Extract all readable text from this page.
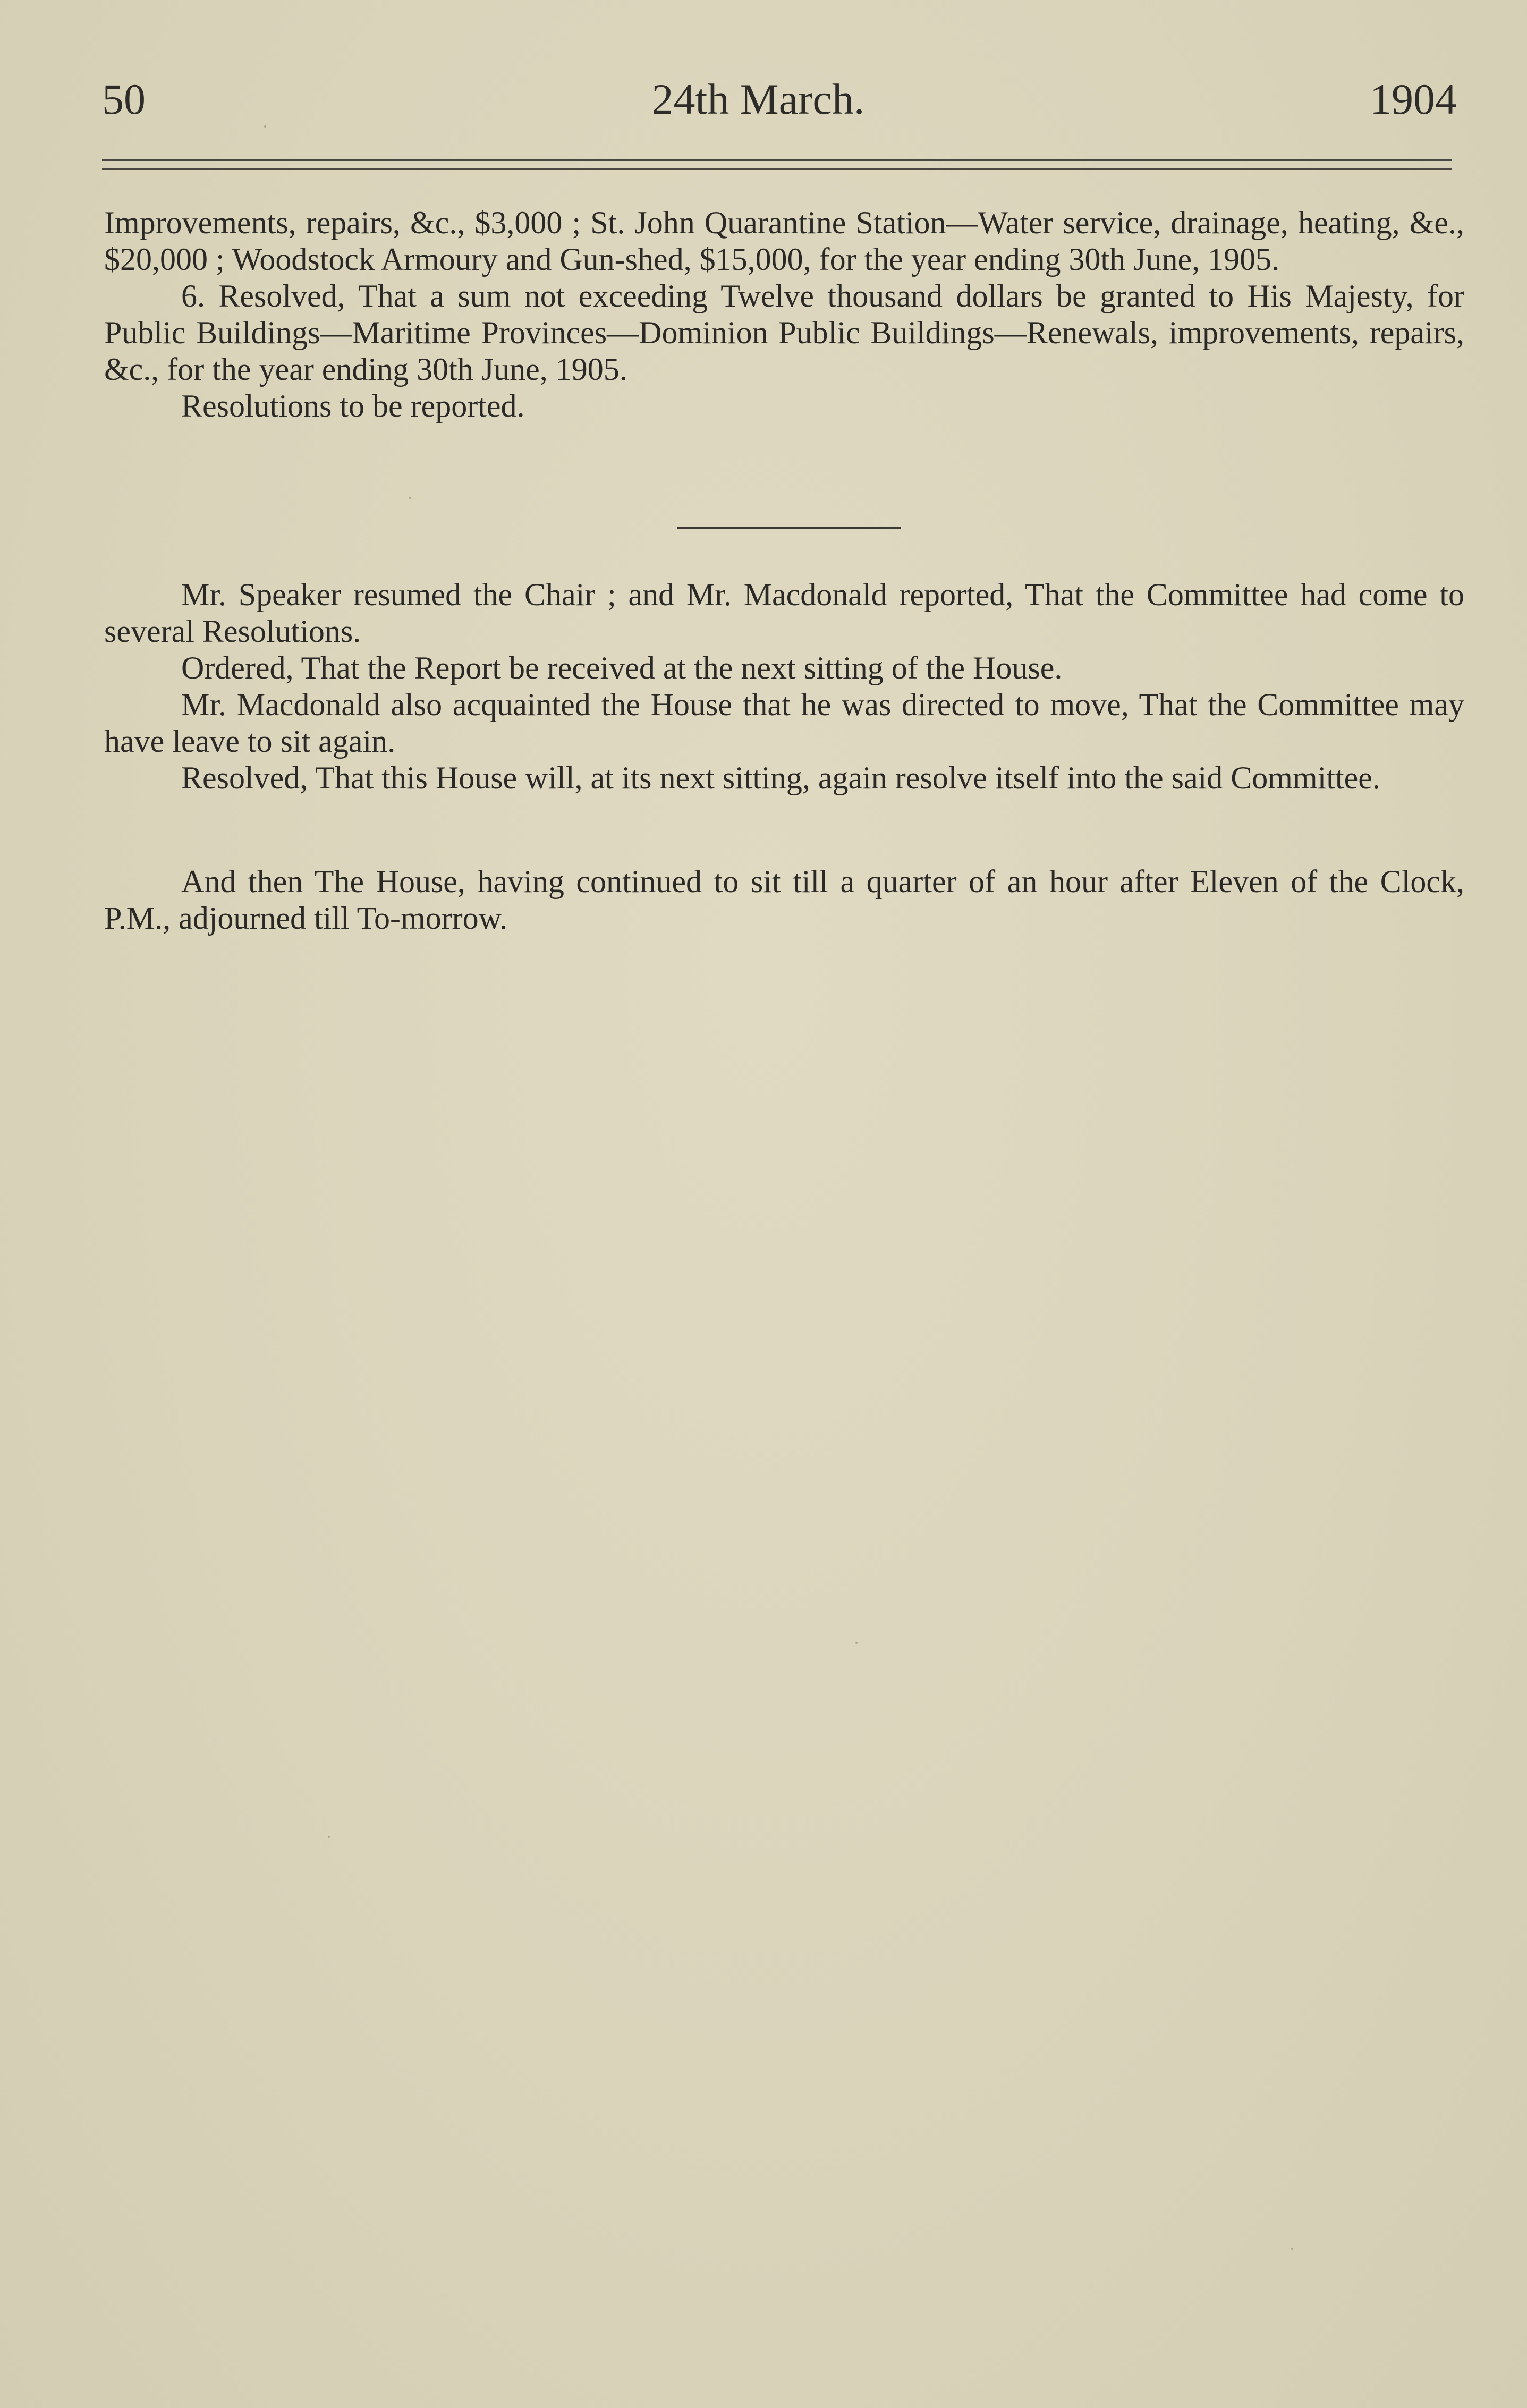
50	24th March.	1904

Improvements, repairs, &c., $3,000 ; St. John Quarantine Station—Water service, drainage, heating, &e., $20,000 ; Woodstock Armoury and Gun-shed, $15,000, for the year ending 30th June, 1905.

6. Resolved, That a sum not exceeding Twelve thousand dollars be granted to His Majesty, for Public Buildings—Maritime Provinces—Dominion Public Buildings—Renewals, improvements, repairs, &c., for the year ending 30th June, 1905.

Resolutions to be reported.

Mr. Speaker resumed the Chair ; and Mr. Macdonald reported, That the Committee had come to several Resolutions.

Ordered, That the Report be received at the next sitting of the House.

Mr. Macdonald also acquainted the House that he was directed to move, That the Committee may have leave to sit again.

Resolved, That this House will, at its next sitting, again resolve itself into the said Committee.

And then The House, having continued to sit till a quarter of an hour after Eleven of the Clock, P.M., adjourned till To-morrow.
